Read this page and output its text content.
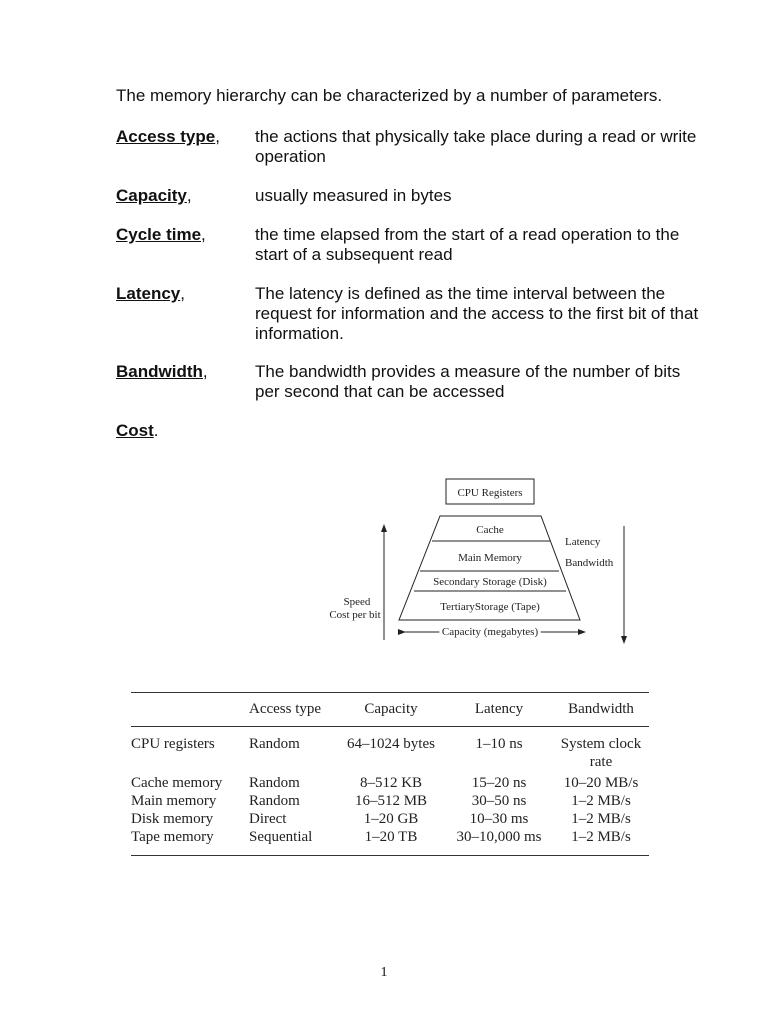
The memory hierarchy can be characterized by a number of parameters.

Access type, the actions that physically take place during a read or write operation
Capacity,	usually measured in bytes
Cycle time,	the time elapsed from the start of a read operation to the start of a subsequent read
Latency,	The latency is defined as the time interval between the request for information and the access to the first bit of that information.
Bandwidth,	The bandwidth provides a measure of the number of bits per second that can be accessed
Cost.
CPU Registers
Cache
Main Memory
Secondary Storage (Disk)
TertiaryStorage (Tape)
Capacity (megabytes)
Speed
Cost per bit
Latency
Bandwidth
	Access type	Capacity	Latency	Bandwidth
CPU registers	Random	64–1024 bytes	1–10 ns	System clock
rate
Cache memory	Random	8–512 KB	15–20 ns	10–20 MB/s
Main memory	Random	16–512 MB	30–50 ns	1–2 MB/s
Disk memory	Direct	1–20 GB	10–30 ms	1–2 MB/s
Tape memory	Sequential	1–20 TB	30–10,000 ms	1–2 MB/s
1
